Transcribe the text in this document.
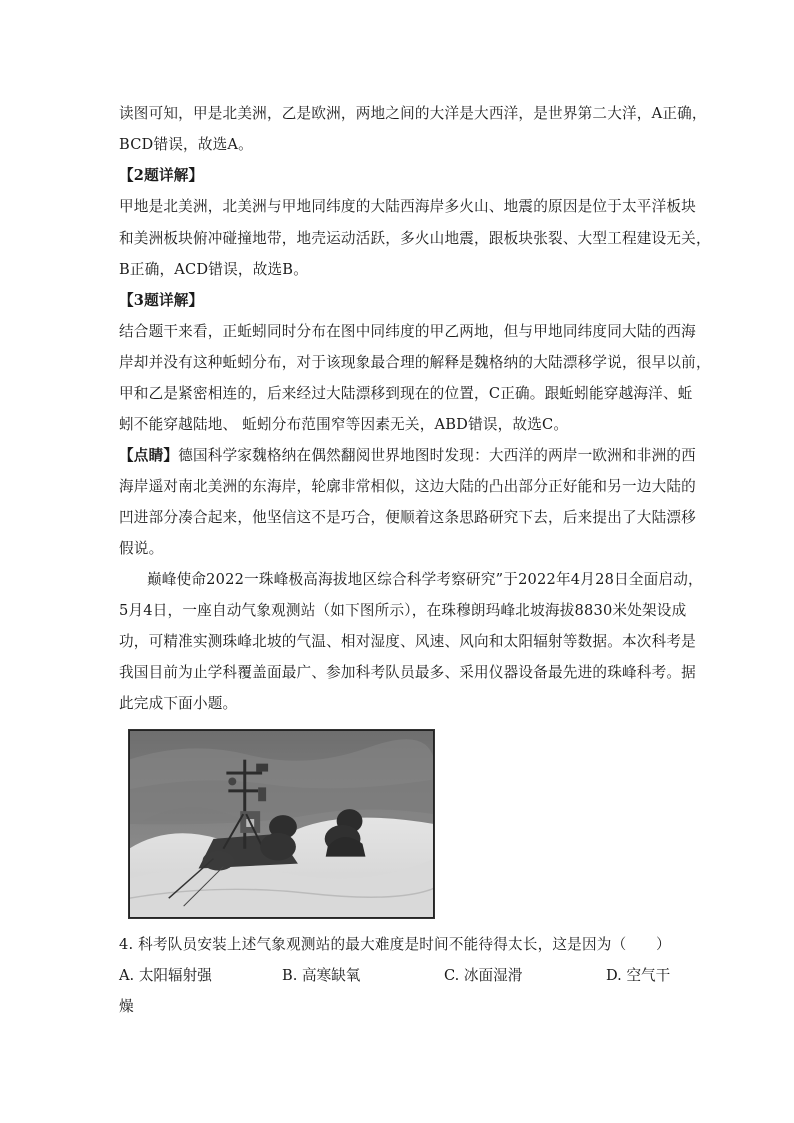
读图可知，甲是北美洲，乙是欧洲，两地之间的大洋是大西洋，是世界第二大洋，A正确，
BCD错误，故选A。
【2题详解】
甲地是北美洲，北美洲与甲地同纬度的大陆西海岸多火山、地震的原因是位于太平洋板块
和美洲板块俯冲碰撞地带，地壳运动活跃，多火山地震，跟板块张裂、大型工程建设无关，
B正确，ACD错误，故选B。
【3题详解】
结合题干来看，正蚯蚓同时分布在图中同纬度的甲乙两地，但与甲地同纬度同大陆的西海
岸却并没有这种蚯蚓分布，对于该现象最合理的解释是魏格纳的大陆漂移学说，很早以前，
甲和乙是紧密相连的，后来经过大陆漂移到现在的位置，C正确。跟蚯蚓能穿越海洋、蚯
蚓不能穿越陆地、 蚯蚓分布范围窄等因素无关，ABD错误，故选C。
【点睛】德国科学家魏格纳在偶然翻阅世界地图时发现：大西洋的两岸一欧洲和非洲的西
海岸遥对南北美洲的东海岸，轮廓非常相似，这边大陆的凸出部分正好能和另一边大陆的
凹进部分凑合起来，他坚信这不是巧合，便顺着这条思路研究下去，后来提出了大陆漂移
假说。
巅峰使命2022一珠峰极高海拔地区综合科学考察研究”于2022年4月28日全面启动，
5月4日，一座自动气象观测站（如下图所示），在珠穆朗玛峰北坡海拔8830米处架设成
功，可精准实测珠峰北坡的气温、相对湿度、风速、风向和太阳辐射等数据。本次科考是
我国目前为止学科覆盖面最广、参加科考队员最多、采用仪器设备最先进的珠峰科考。据
此完成下面小题。
4. 科考队员安装上述气象观测站的最大难度是时间不能待得太长，这是因为（　　）
A. 太阳辐射强	B. 高寒缺氧	C. 冰面湿滑	D. 空气干
燥
